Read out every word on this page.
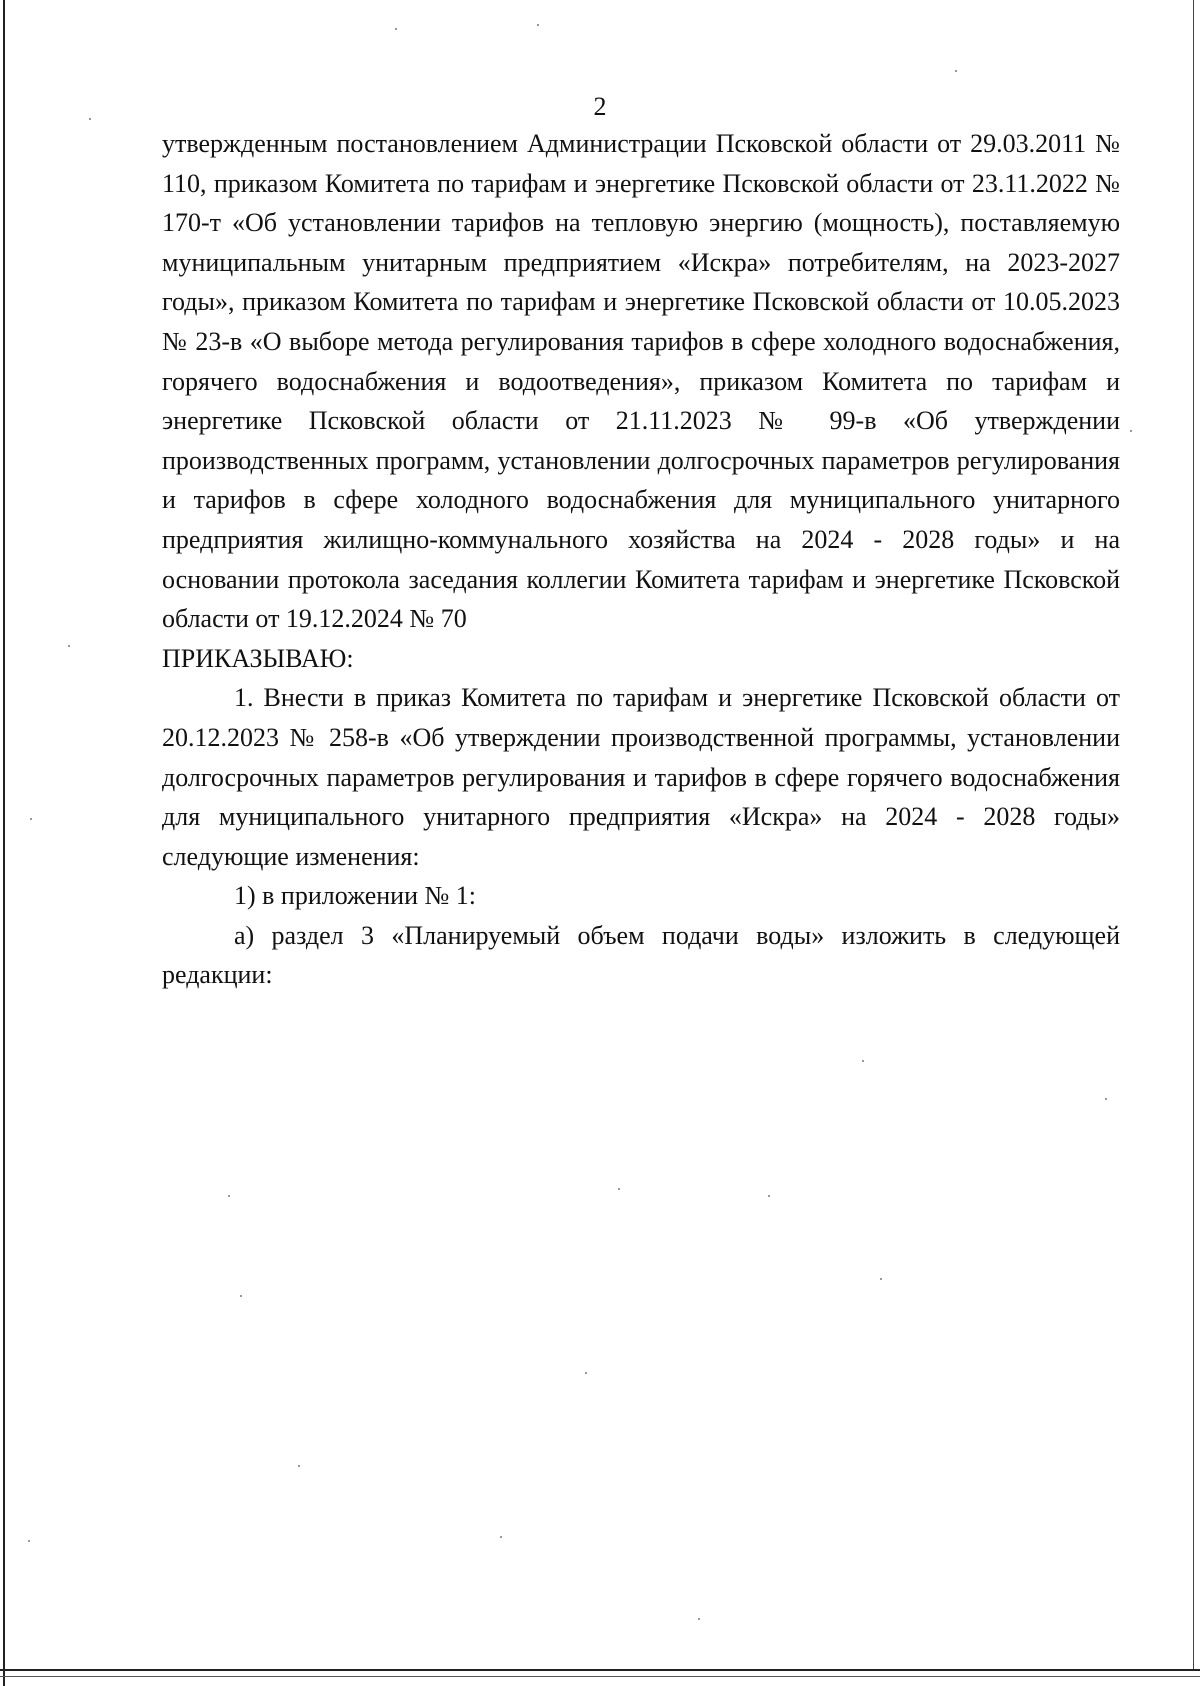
2

утвержденным постановлением Администрации Псковской области от 29.03.2011 № 110, приказом Комитета по тарифам и энергетике Псковской области от 23.11.2022 № 170-т «Об установлении тарифов на тепловую энергию (мощность), поставляемую муниципальным унитарным предприятием «Искра» потребителям, на 2023-2027 годы», приказом Комитета по тарифам и энергетике Псковской области от 10.05.2023 № 23-в «О выборе метода регулирования тарифов в сфере холодного водоснабжения, горячего водоснабжения и водоотведения», приказом Комитета по тарифам и энергетике Псковской области от 21.11.2023 № 99-в «Об утверждении производственных программ, установлении долгосрочных параметров регулирования и тарифов в сфере холодного водоснабжения для муниципального унитарного предприятия жилищно-коммунального хозяйства на 2024 - 2028 годы» и на основании протокола заседания коллегии Комитета тарифам и энергетике Псковской области от 19.12.2024 № 70

ПРИКАЗЫВАЮ:

1. Внести в приказ Комитета по тарифам и энергетике Псковской области от 20.12.2023 № 258-в «Об утверждении производственной программы, установлении долгосрочных параметров регулирования и тарифов в сфере горячего водоснабжения для муниципального унитарного предприятия «Искра» на 2024 - 2028 годы» следующие изменения:

1) в приложении № 1:

а) раздел 3 «Планируемый объем подачи воды» изложить в следующей редакции:
